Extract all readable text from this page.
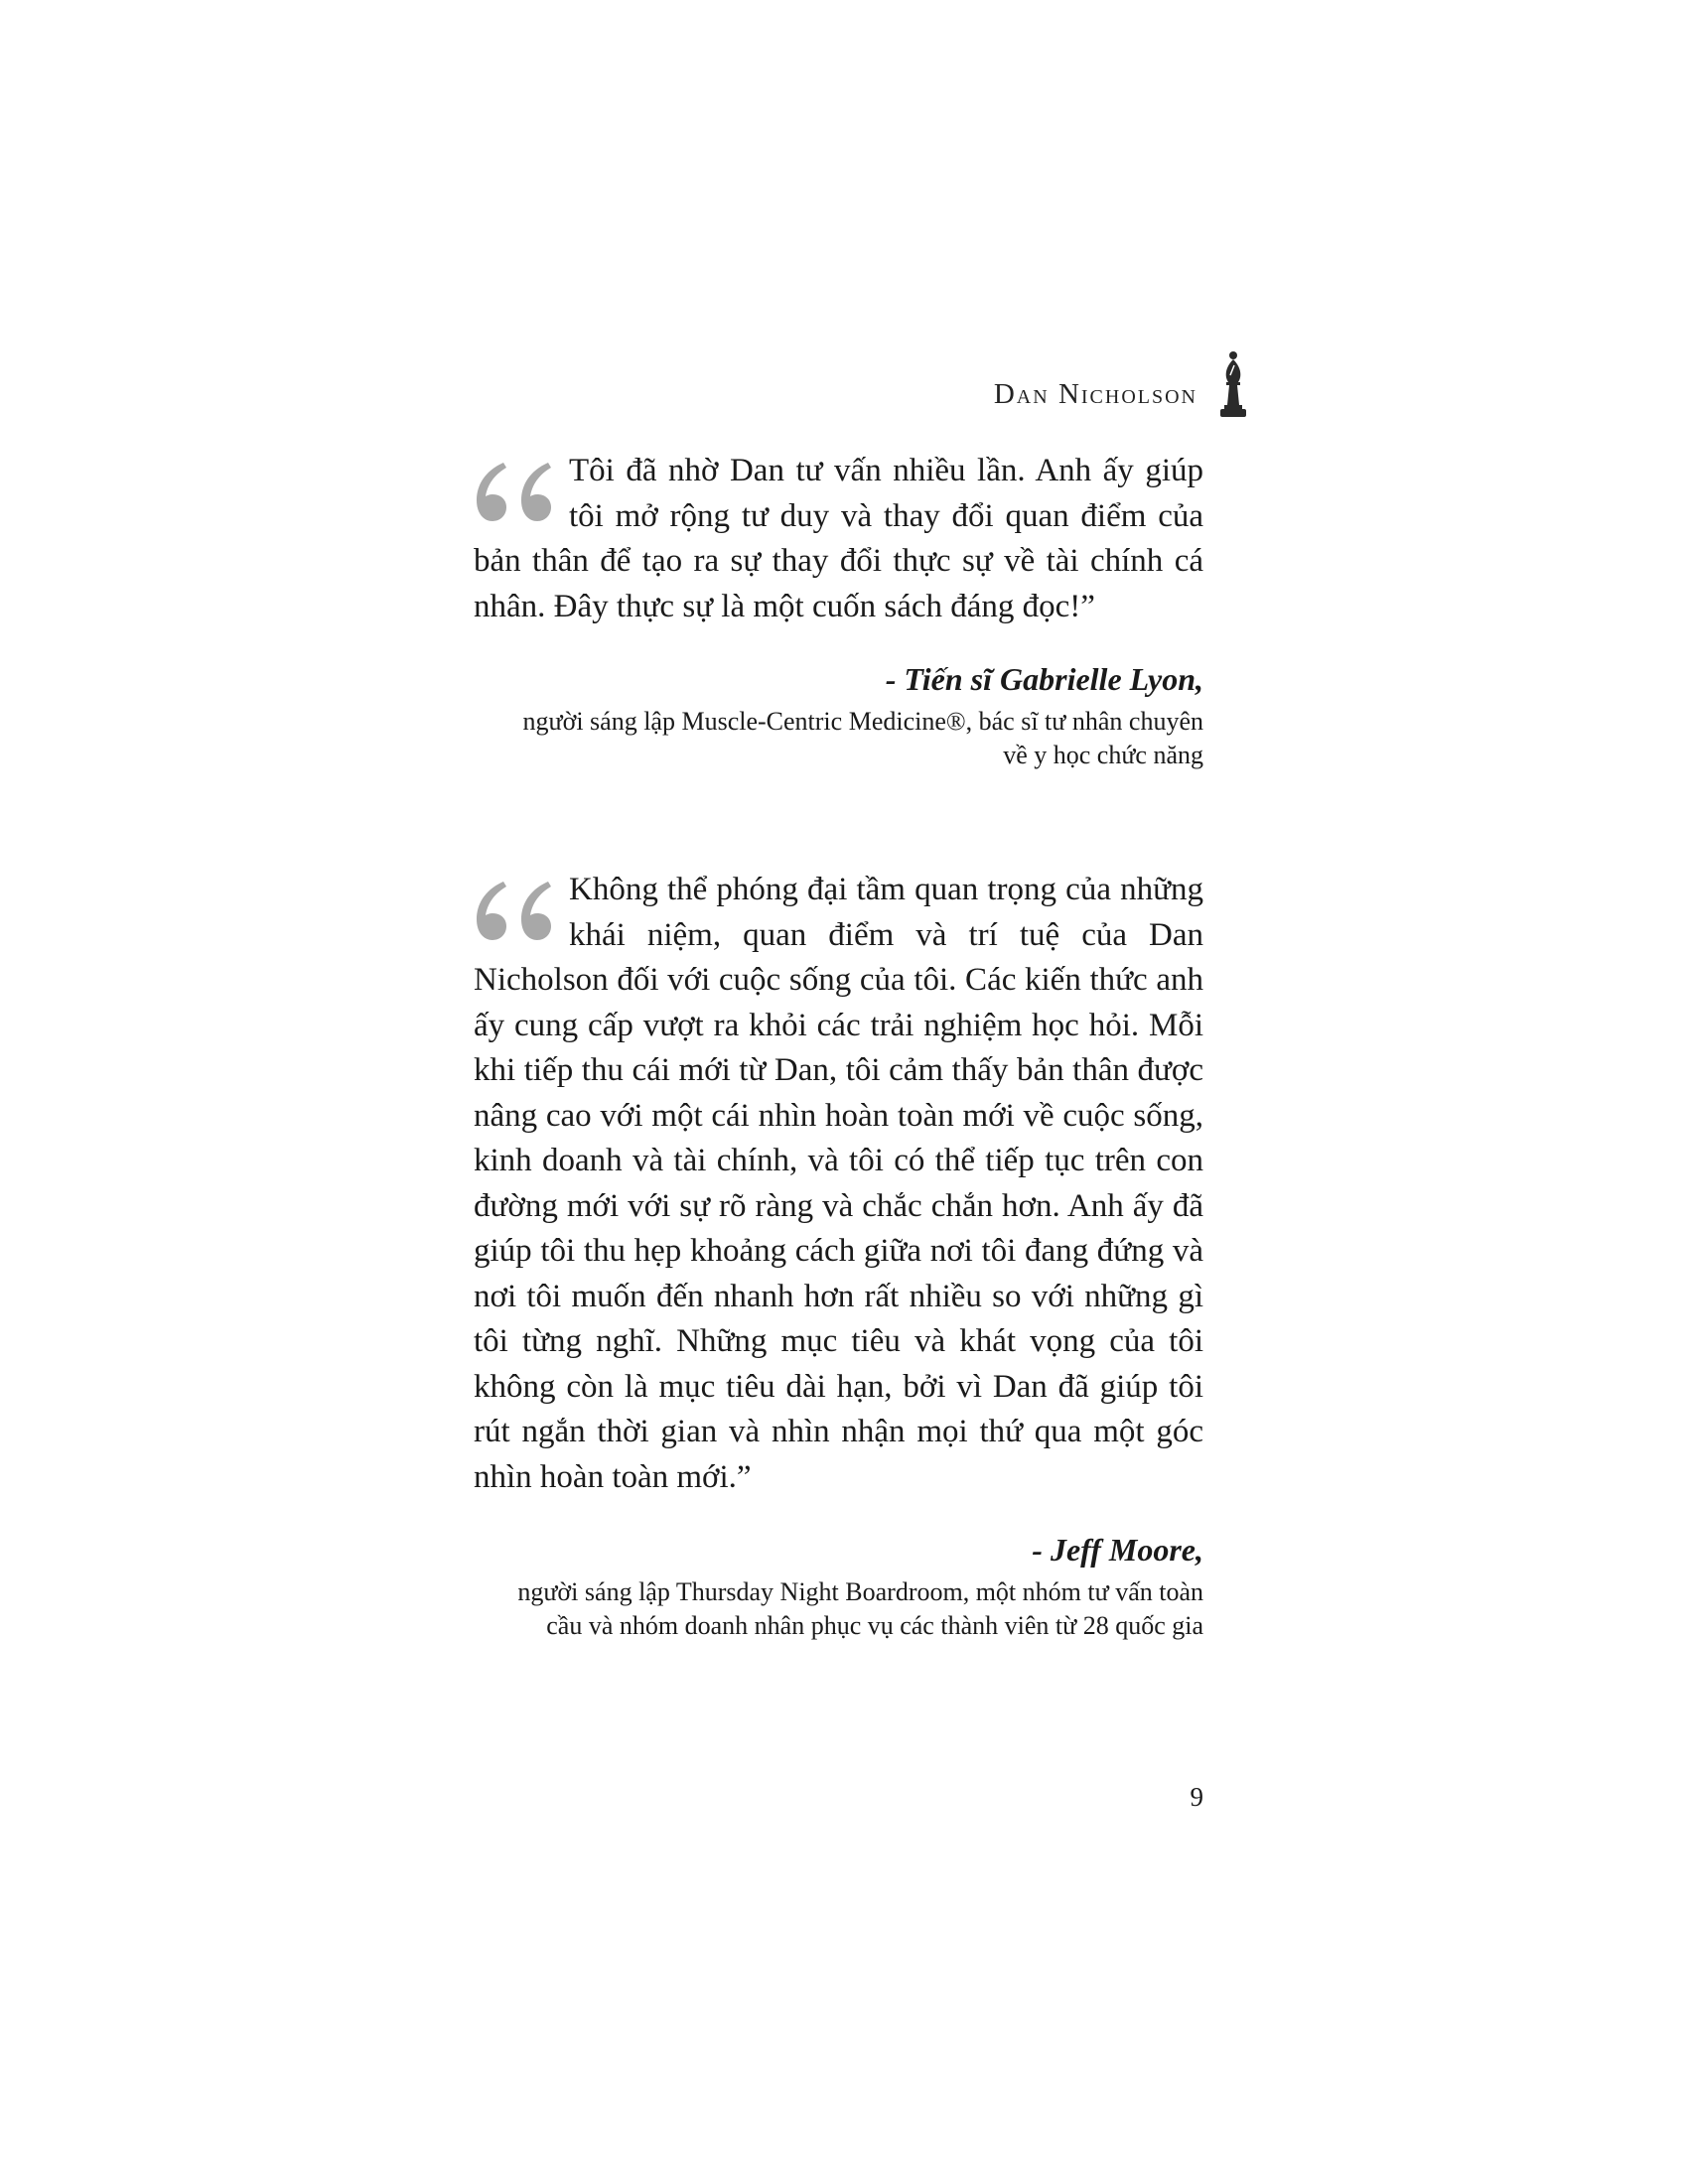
Dan Nicholson

Tôi đã nhờ Dan tư vấn nhiều lần. Anh ấy giúp tôi mở rộng tư duy và thay đổi quan điểm của bản thân để tạo ra sự thay đổi thực sự về tài chính cá nhân. Đây thực sự là một cuốn sách đáng đọc!”

- Tiến sĩ Gabrielle Lyon,

người sáng lập Muscle-Centric Medicine®, bác sĩ tư nhân chuyên về y học chức năng

Không thể phóng đại tầm quan trọng của những khái niệm, quan điểm và trí tuệ của Dan Nicholson đối với cuộc sống của tôi. Các kiến thức anh ấy cung cấp vượt ra khỏi các trải nghiệm học hỏi. Mỗi khi tiếp thu cái mới từ Dan, tôi cảm thấy bản thân được nâng cao với một cái nhìn hoàn toàn mới về cuộc sống, kinh doanh và tài chính, và tôi có thể tiếp tục trên con đường mới với sự rõ ràng và chắc chắn hơn. Anh ấy đã giúp tôi thu hẹp khoảng cách giữa nơi tôi đang đứng và nơi tôi muốn đến nhanh hơn rất nhiều so với những gì tôi từng nghĩ. Những mục tiêu và khát vọng của tôi không còn là mục tiêu dài hạn, bởi vì Dan đã giúp tôi rút ngắn thời gian và nhìn nhận mọi thứ qua một góc nhìn hoàn toàn mới.”

- Jeff Moore,

người sáng lập Thursday Night Boardroom, một nhóm tư vấn toàn cầu và nhóm doanh nhân phục vụ các thành viên từ 28 quốc gia

9
